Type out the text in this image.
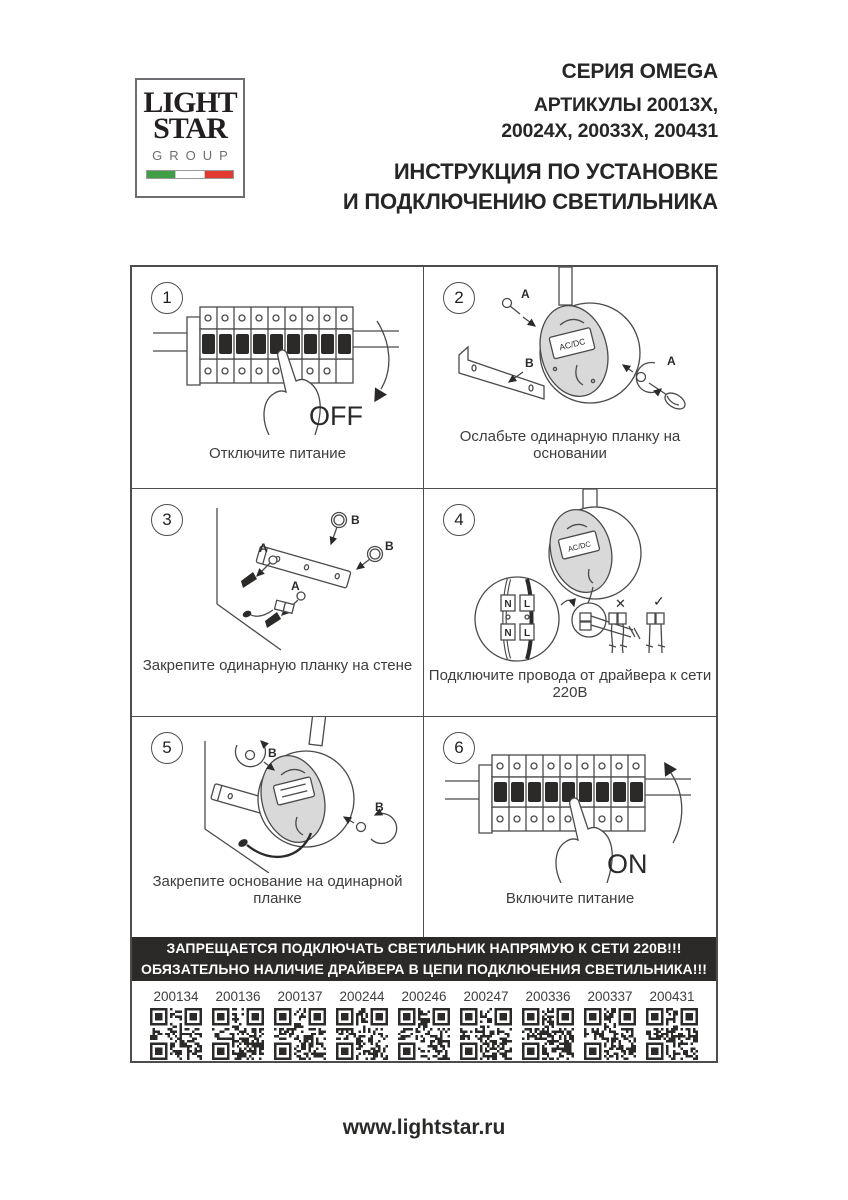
LIGHT
STAR
GROUP
СЕРИЯ OMEGA
АРТИКУЛЫ 20013X,
20024X, 20033X, 200431
ИНСТРУКЦИЯ ПО УСТАНОВКЕ
И ПОДКЛЮЧЕНИЮ СВЕТИЛЬНИКА
1
OFF
Отключите питание
2
AC/DC
A
B	A
Ослабьте одинарную планку на основании
3	B
B
A
A
Закрепите одинарную планку на стене
4
AC/DC
N L
N L
✕ ✓
Подключите провода от драйвера к сети 220В
5	B
B
Закрепите основание на одинарной планке
6
ON
Включите питание
ЗАПРЕЩАЕТСЯ ПОДКЛЮЧАТЬ СВЕТИЛЬНИК НАПРЯМУЮ К СЕТИ 220В!!!
ОБЯЗАТЕЛЬНО НАЛИЧИЕ ДРАЙВЕРА В ЦЕПИ ПОДКЛЮЧЕНИЯ СВЕТИЛЬНИКА!!!
200134	200136	200137	200244	200246	200247	200336	200337	200431
www.lightstar.ru
